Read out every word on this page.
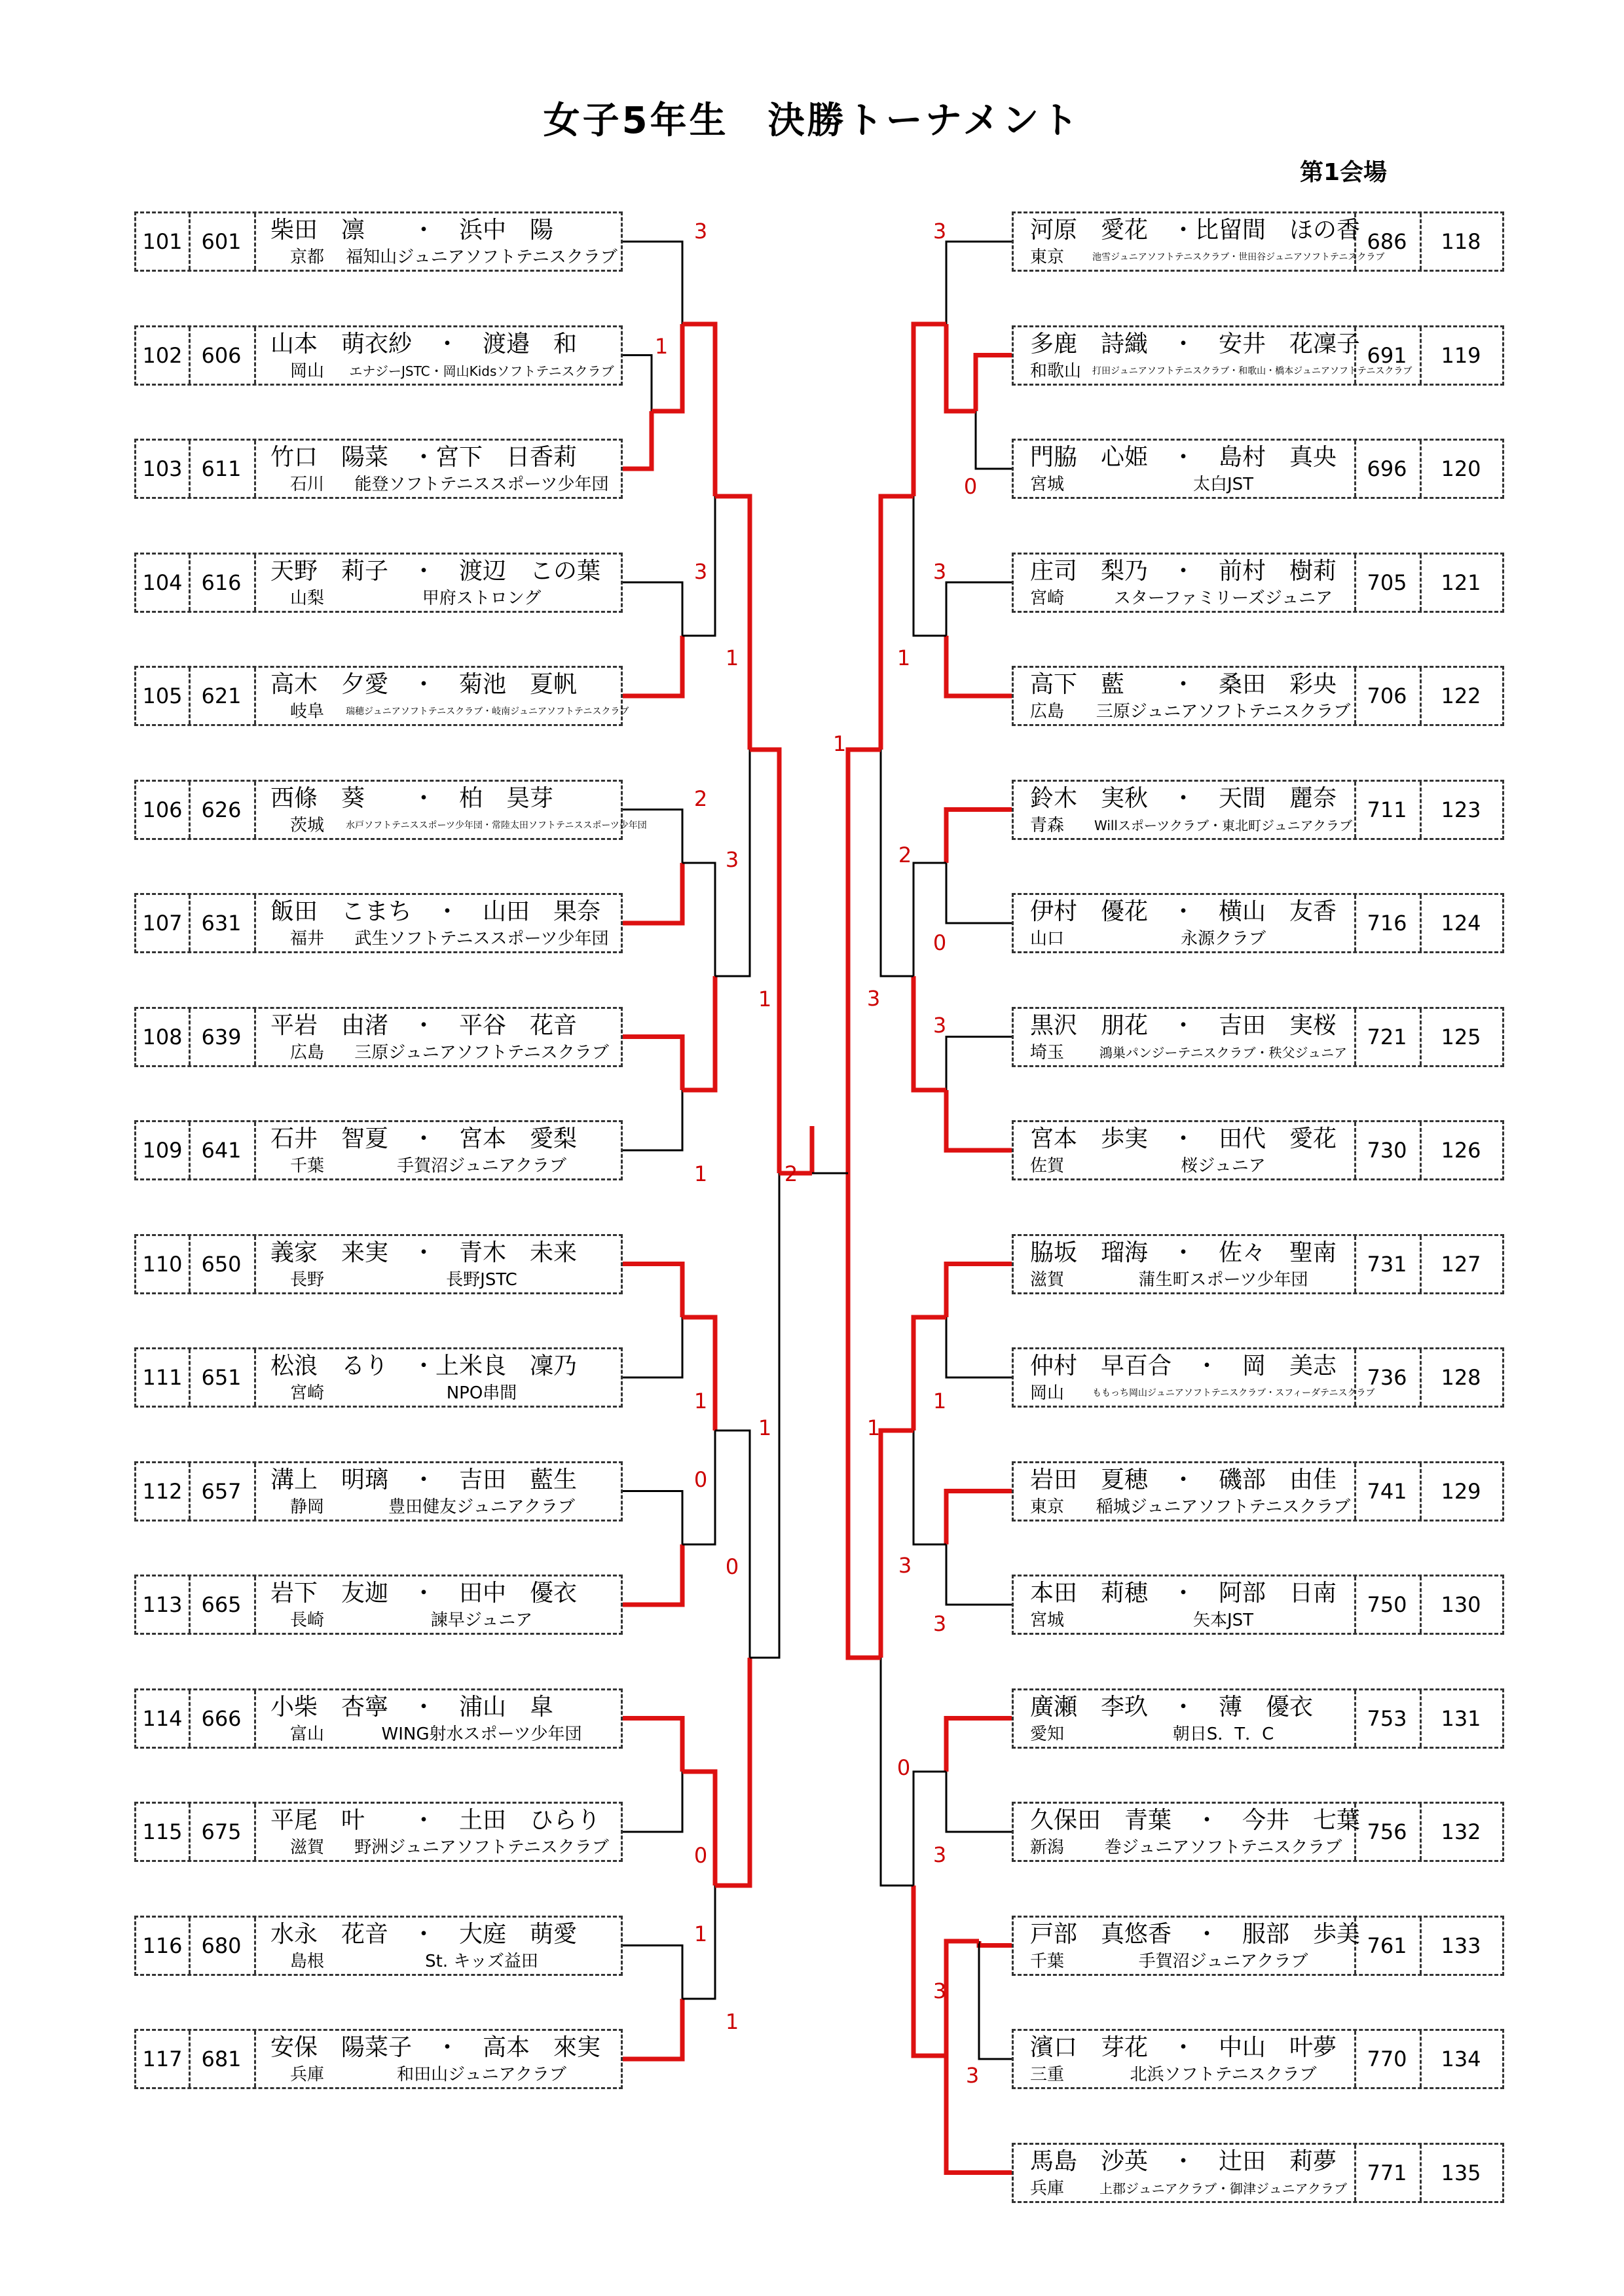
女子5年生　決勝トーナメント
第1会場
101 601	柴田　凛　　・　浜中　陽
京都 福知山ジュニアソフトテニスクラブ
102 606	山本　萌衣紗　・　渡邉　和
岡山 エナジーJSTC・岡山Kidsソフトテニスクラブ
103 611	竹口　陽菜　・宮下　日香莉
石川	能登ソフトテニススポーツ少年団
104 616	天野　莉子　・　渡辺　この葉
山梨	甲府ストロング
105 621	高木　夕愛　・　菊池　夏帆
岐阜 瑞穂ジュニアソフトテニスクラブ・岐南ジュニアソフトテニスクラブ
106 626	西條　葵　　・　柏　昊芽
茨城 水戸ソフトテニススポーツ少年団・常陸太田ソフトテニススポーツ少年団
107 631	飯田　こまち　・　山田　果奈
福井	武生ソフトテニススポーツ少年団
108 639	平岩　由渚　・　平谷　花音
広島	三原ジュニアソフトテニスクラブ
109 641	石井　智夏　・　宮本　愛梨
千葉	手賀沼ジュニアクラブ
110 650	義家　来実　・　青木　未来
長野	長野JSTC
111 651	松浪　るり　・上米良　凜乃
宮崎	NPO串間
112 657	溝上　明璃　・　吉田　藍生
静岡	豊田健友ジュニアクラブ
113 665	岩下　友迦　・　田中　優衣
長崎	諫早ジュニア
114 666	小柴　杏寧　・　浦山　皐
富山	WING射水スポーツ少年団
115 675	平尾　叶　　・　土田　ひらり
滋賀	野洲ジュニアソフトテニスクラブ
116 680	水永　花音　・　大庭　萌愛
島根	St. キッズ益田
117 681	安保　陽菜子　・　高本　來実
兵庫	和田山ジュニアクラブ
118
686
河原　愛花　・比留間　ほの香
東京	池雪ジュニアソフトテニスクラブ・世田谷ジュニアソフトテニスクラブ
119
691
多鹿　詩織　・　安井　花凜子
和歌山 打田ジュニアソフトテニスクラブ・和歌山・橋本ジュニアソフトテニスクラブ
120
696
門脇　心姫　・　島村　真央
宮城	太白JST
121
705
庄司　梨乃　・　前村　樹莉
宮崎	スターファミリーズジュニア
122
706
高下　藍　　・　桑田　彩央
広島 三原ジュニアソフトテニスクラブ
123
711
鈴木　実秋　・　天間　麗奈
青森 Willスポーツクラブ・東北町ジュニアクラブ
124
716
伊村　優花　・　横山　友香
山口	永源クラブ
125
721
黒沢　朋花　・　吉田　実桜
埼玉	鴻巣パンジーテニスクラブ・秩父ジュニア
126
730
宮本　歩実　・　田代　愛花
佐賀	桜ジュニア
127
731
脇坂　瑠海　・　佐々　聖南
滋賀	蒲生町スポーツ少年団
128
736
仲村　早百合　・　岡　美志
岡山	ももっち岡山ジュニアソフトテニスクラブ・スフィーダテニスクラブ
129
741
岩田　夏穂　・　磯部　由佳
東京 稲城ジュニアソフトテニスクラブ
130
750
本田　莉穂　・　阿部　日南
宮城	矢本JST
131
753
廣瀬　李玖　・　薄　優衣
愛知	朝日S．T．C
132
756
久保田　青葉　・　今井　七葉
新潟	巻ジュニアソフトテニスクラブ
133
761
戸部　真悠香　・　服部　歩美
千葉	手賀沼ジュニアクラブ
134
770
濱口　芽花　・　中山　叶夢
三重	北浜ソフトテニスクラブ
135
771
馬島　沙英　・　辻田　莉夢
兵庫	上郡ジュニアクラブ・御津ジュニアクラブ
3
1
3
1
2
3
1
1
1
0
0
1
0
1
1
3
0
3
1
1
2
0
3
3
1
1
3
3
0
3
3
3
2
